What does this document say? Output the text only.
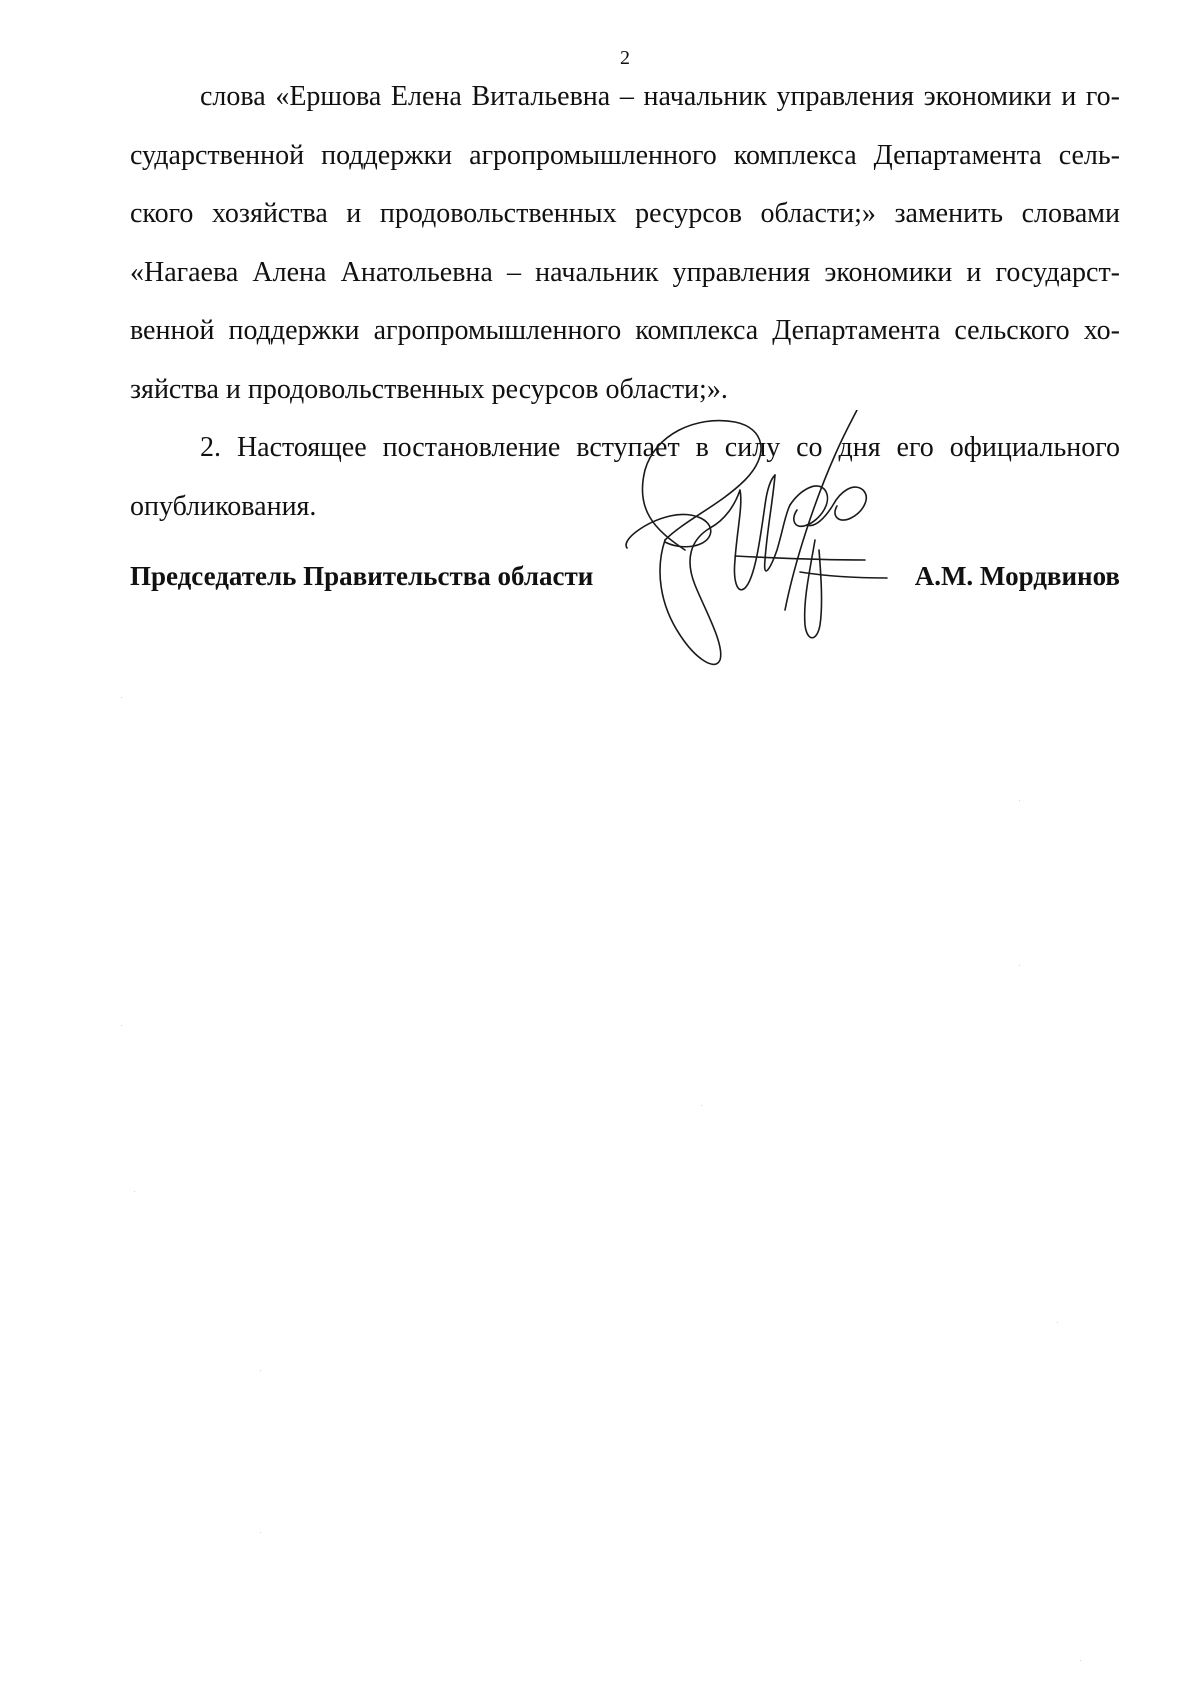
2

слова «Ершова Елена Витальевна – начальник управления экономики и го-
сударственной поддержки агропромышленного комплекса Департамента сель-
ского хозяйства и продовольственных ресурсов области;» заменить словами
«Нагаева Алена Анатольевна – начальник управления экономики и государст-
венной поддержки агропромышленного комплекса Департамента сельского хо-
зяйства и продовольственных ресурсов области;».

2. Настоящее постановление вступает в силу со дня его официального
опубликования.

Председатель Правительства области	А.М. Мордвинов
